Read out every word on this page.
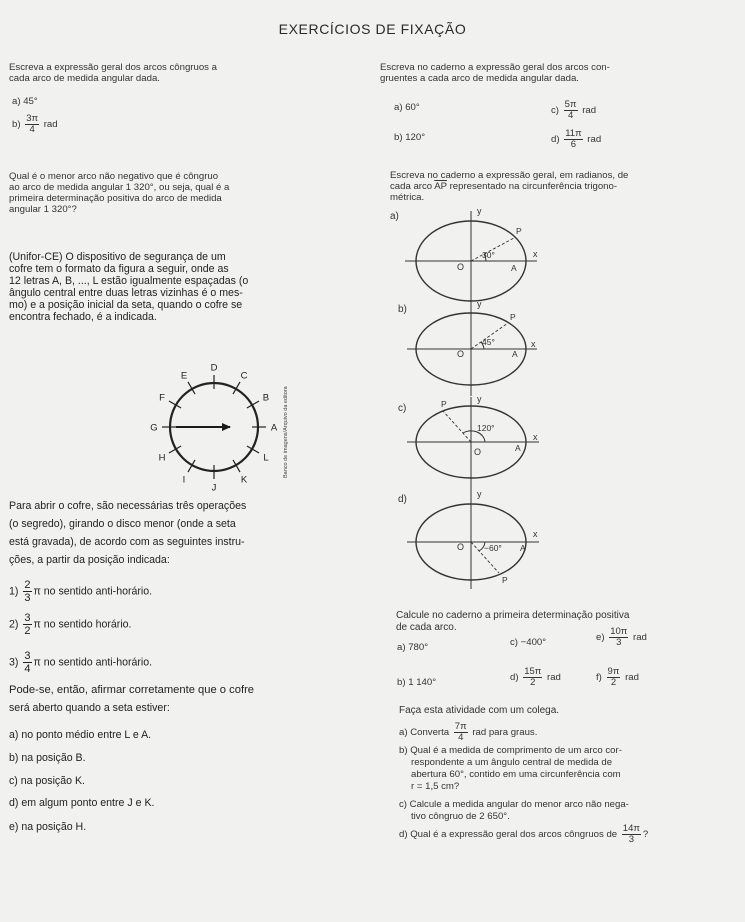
EXERCÍCIOS DE FIXAÇÃO
Escreva a expressão geral dos arcos côngruos a
cada arco de medida angular dada.
a) 45°
$b) \frac{3\pi}{4}$ rad
Escreva no caderno a expressão geral dos arcos con-
gruentes a cada arco de medida angular dada.
a) 60°	$c) \frac{5\pi}{4}$ rad
b) 120°	$d) \frac{11\pi}{6}$ rad
Qual é o menor arco não negativo que é côngruo
ao arco de medida angular 1 320°, ou seja, qual é a
primeira determinação positiva do arco de medida
angular 1 320°?
Escreva no caderno a expressão geral, em radianos, de
cada arco $\overline{AP}$ representado na circunferência trigono-
métrica.
a)	y
x
O
30°
P
A
b)	y
x
O
45°
P
A
c)
y
x
O
120°
P
A
d)	y
x
O −60°
P
A
(Unifor-CE) O dispositivo de segurança de um
cofre tem o formato da figura a seguir, onde as
12 letras A, B, ..., L estão igualmente espaçadas (o
ângulo central entre duas letras vizinhas é o mes-
mo) e a posição inicial da seta, quando o cofre se
encontra fechado, é a indicada.
A
B
C
D
E
F
G
H
I
J
K
L	Banco de imagens/Arquivo da editora
Para abrir o cofre, são necessárias três operações
(o segredo), girando o disco menor (onde a seta
está gravada), de acordo com as seguintes instru-
ções, a partir da posição indicada:
$1) \frac{2}{3}$ π no sentido anti-horário.
$2) \frac{3}{2}$ π no sentido horário.
$3) \frac{3}{4}$ π no sentido anti-horário.
Pode-se, então, afirmar corretamente que o cofre
será aberto quando a seta estiver:
a) no ponto médio entre L e A.
b) na posição B.
c) na posição K.
d) em algum ponto entre J e K.
e) na posição H.
Calcule no caderno a primeira determinação positiva
de cada arco.
a) 780°	c) −400°	$e) \frac{10\pi}{3}$ rad
b) 1 140°	$d) \frac{15\pi}{2}$ rad	$f) \frac{9\pi}{2}$ rad
Faça esta atividade com um colega.
a) Converta $\frac{7\pi}{4}$ rad para graus.
b) Qual é a medida de comprimento de um arco cor-
respondente a um ângulo central de medida de
abertura 60°, contido em uma circunferência com
r = 1,5 cm?
c) Calcule a medida angular do menor arco não nega-
tivo côngruo de 2 650°.
d) Qual é a expressão geral dos arcos côngruos de $\frac{14\pi}{3}$ ?
